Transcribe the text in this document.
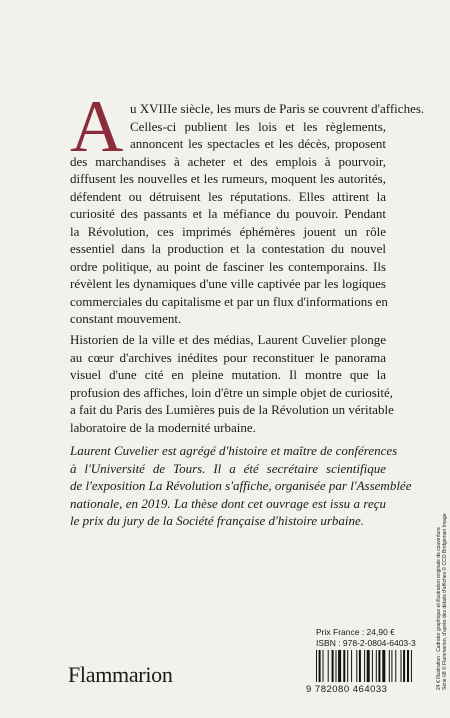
A u XVIIIe siècle, les murs de Paris se couvrent d'affiches.
Celles-ci publient les lois et les règlements,
annoncent les spectacles et les décès, proposent
des marchandises à acheter et des emplois à pourvoir,
diffusent les nouvelles et les rumeurs, moquent les autorités,
défendent ou détruisent les réputations. Elles attirent la
curiosité des passants et la méfiance du pouvoir. Pendant
la Révolution, ces imprimés éphémères jouent un rôle
essentiel dans la production et la contestation du nouvel
ordre politique, au point de fasciner les contemporains. Ils
révèlent les dynamiques d'une ville captivée par les logiques
commerciales du capitalisme et par un flux d'informations en
constant mouvement.
Historien de la ville et des médias, Laurent Cuvelier plonge
au cœur d'archives inédites pour reconstituer le panorama
visuel d'une cité en pleine mutation. Il montre que la
profusion des affiches, loin d'être un simple objet de curiosité,
a fait du Paris des Lumières puis de la Révolution un véritable
laboratoire de la modernité urbaine.
Laurent Cuvelier est agrégé d'histoire et maître de conférences
à l'Université de Tours. Il a été secrétaire scientifique
de l'exposition La Révolution s'affiche, organisée par l'Assemblée
nationale, en 2019. La thèse dont cet ouvrage est issu a reçu
le prix du jury de la Société française d'histoire urbaine.
Prix France : 24,90 €
ISBN : 978-2-0804-6403-3
9 782080 464033
Flammarion	24 € Illustration : Cadrator graphique et illustration originale de couverture Série 08 © Flammarion, d'après des détails d'affiches © CCO Bridgeman Image
